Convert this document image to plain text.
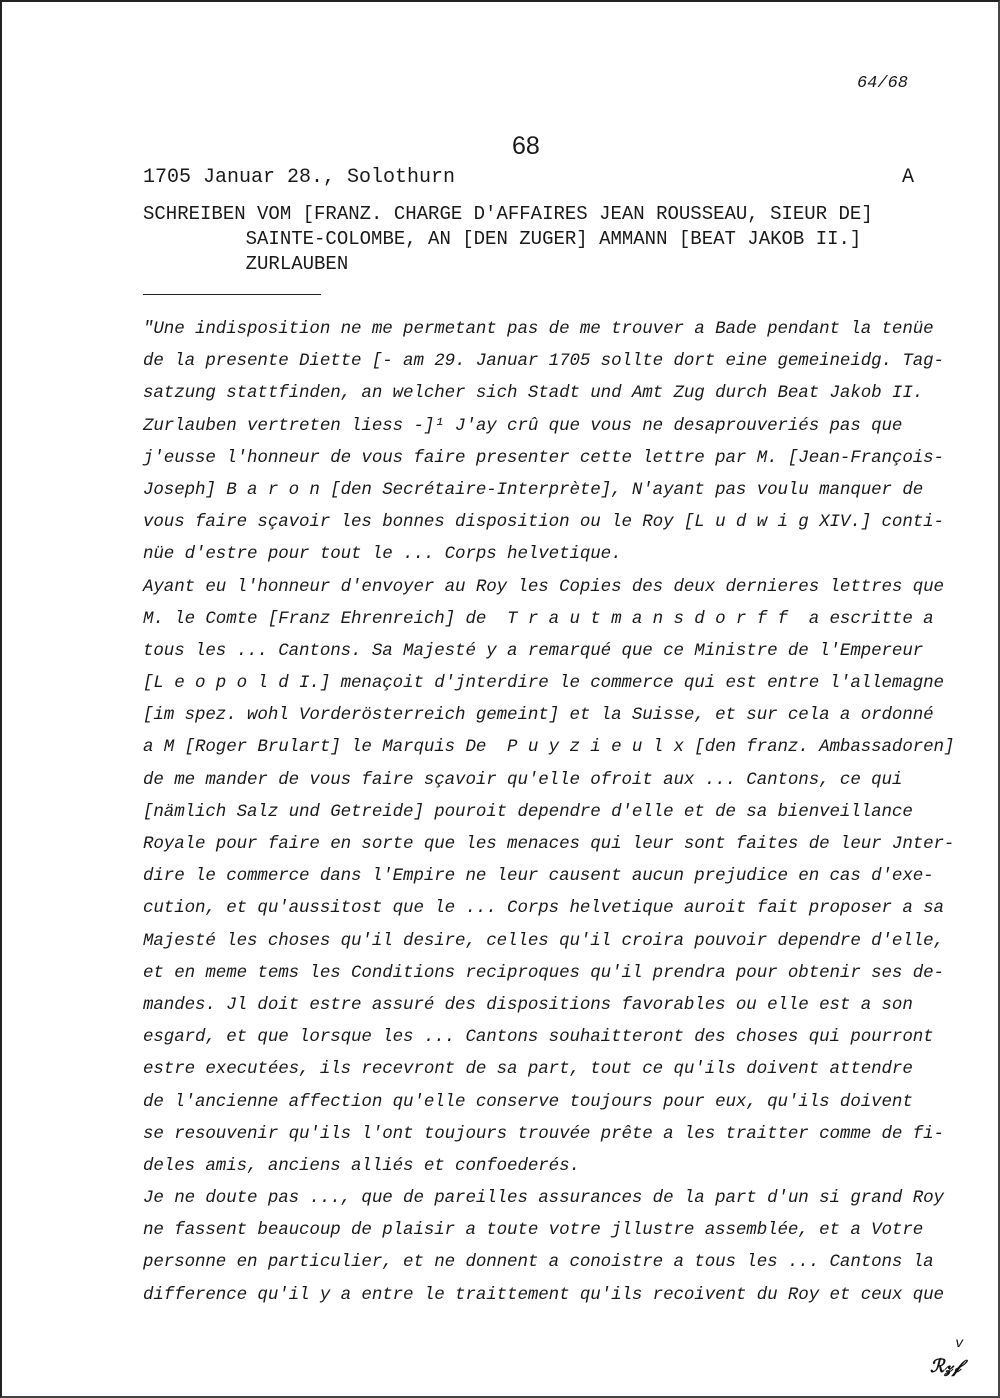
64/68
68
1705 Januar 28., Solothurn	A
SCHREIBEN VOM [FRANZ. CHARGE D'AFFAIRES JEAN ROUSSEAU, SIEUR DE]
SAINTE-COLOMBE, AN [DEN ZUGER] AMMANN [BEAT JAKOB II.]
ZURLAUBEN
"Une indisposition ne me permetant pas de me trouver a Bade pendant la tenüe
de la presente Diette [- am 29. Januar 1705 sollte dort eine gemeineidg. Tag-
satzung stattfinden, an welcher sich Stadt und Amt Zug durch Beat Jakob II.
Zurlauben vertreten liess -]¹ J'ay crû que vous ne desaprouveriés pas que
j'eusse l'honneur de vous faire presenter cette lettre par M. [Jean-François-
Joseph] B a r o n [den Secrétaire-Interprète], N'ayant pas voulu manquer de
vous faire sçavoir les bonnes disposition ou le Roy [L u d w i g XIV.] conti-
nüe d'estre pour tout le ... Corps helvetique.
Ayant eu l'honneur d'envoyer au Roy les Copies des deux dernieres lettres que
M. le Comte [Franz Ehrenreich] de  T r a u t m a n s d o r f f  a escritte a
tous les ... Cantons. Sa Majesté y a remarqué que ce Ministre de l'Empereur
[L e o p o l d I.] menaçoit d'jnterdire le commerce qui est entre l'allemagne
[im spez. wohl Vorderösterreich gemeint] et la Suisse, et sur cela a ordonné
a M [Roger Brulart] le Marquis De  P u y z i e u l x [den franz. Ambassadoren]
de me mander de vous faire sçavoir qu'elle ofroit aux ... Cantons, ce qui
[nämlich Salz und Getreide] pouroit dependre d'elle et de sa bienveillance
Royale pour faire en sorte que les menaces qui leur sont faites de leur Jnter-
dire le commerce dans l'Empire ne leur causent aucun prejudice en cas d'exe-
cution, et qu'aussitost que le ... Corps helvetique auroit fait proposer a sa
Majesté les choses qu'il desire, celles qu'il croira pouvoir dependre d'elle,
et en meme tems les Conditions reciproques qu'il prendra pour obtenir ses de-
mandes. Jl doit estre assuré des dispositions favorables ou elle est a son
esgard, et que lorsque les ... Cantons souhaitteront des choses qui pourront
estre executées, ils recevront de sa part, tout ce qu'ils doivent attendre
de l'ancienne affection qu'elle conserve toujours pour eux, qu'ils doivent
se resouvenir qu'ils l'ont toujours trouvée prête a les traitter comme de fi-
deles amis, anciens alliés et confoederés.
Je ne doute pas ..., que de pareilles assurances de la part d'un si grand Roy
ne fassent beaucoup de plaisir a toute votre jllustre assemblée, et a Votre
personne en particulier, et ne donnent a conoistre a tous les ... Cantons la
difference qu'il y a entre le traittement qu'ils recoivent du Roy et ceux que
v
ℛ𝓏𝒻
